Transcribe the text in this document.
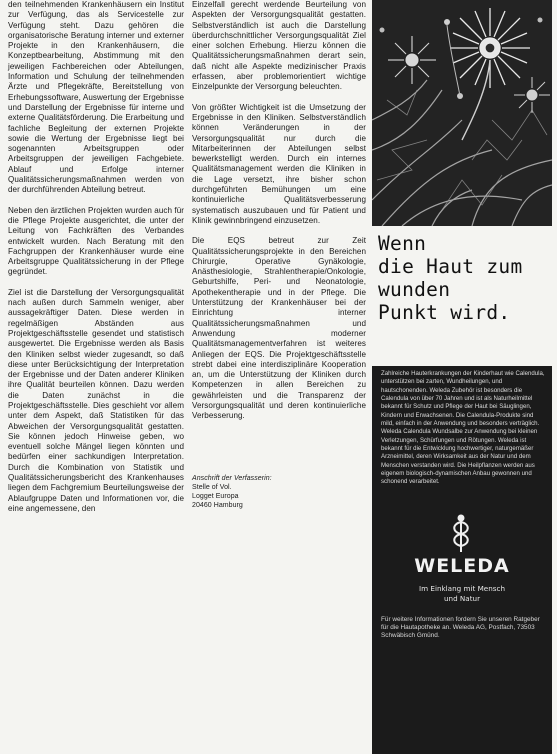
den teilnehmenden Krankenhäusern ein Institut zur Verfügung, das als Servicestelle zur Verfügung steht. Dazu gehören die organisatorische Beratung interner und externer Projekte in den Krankenhäusern, die Konzeptbearbeitung, Abstimmung mit den jeweiligen Fachbereichen oder Abteilungen, Information und Schulung der teilnehmenden Ärzte und Pflegekräfte, Bereitstellung von Erhebungssoftware, Auswertung der Ergebnisse und Darstellung der Ergebnisse für interne und externe Qualitätsförderung. Die Erarbeitung und fachliche Begleitung der externen Projekte sowie die Wertung der Ergebnisse liegt bei sogenannten Arbeitsgruppen oder Arbeitsgruppen der jeweiligen Fachgebiete. Ablauf und Erfolge interner Qualitätssicherungsmaßnahmen werden von der durchführenden Abteilung betreut.

Neben den ärztlichen Projekten wurden auch für die Pflege Projekte ausgerichtet, die unter der Leitung von Fachkräften des Verbandes entwickelt wurden. Nach Beratung mit den Fachgruppen der Krankenhäuser wurde eine Arbeitsgruppe Qualitätssicherung in der Pflege gegründet.

Ziel ist die Darstellung der Versorgungsqualität nach außen durch Sammeln weniger, aber aussagekräftiger Daten. Diese werden in regelmäßigen Abständen aus Projektgeschäftsstelle gesendet und statistisch ausgewertet. Die Ergebnisse werden als Basis den Kliniken selbst wieder zugesandt, so daß diese unter Berücksichtigung der Interpretation der Ergebnisse und der Daten anderer Kliniken ihre Qualität beurteilen können. Dazu werden die Daten zunächst in die Projektgeschäftsstelle. Dies geschieht vor allem unter dem Aspekt, daß Statistiken für das Abweichen der Versorgungsqualität gestatten. Sie können jedoch Hinweise geben, wo eventuell solche Mängel liegen könnten und bedürfen einer sachkundigen Interpretation. Durch die Kombination von Statistik und Qualitätssicherungsbericht des Krankenhauses liegen dem Fachgremium Beurteilungsweise der Ablaufgruppe Daten und Informationen vor, die eine angemessene, den

Einzelfall gerecht werdende Beurteilung von Aspekten der Versorgungsqualität gestatten. Selbstverständlich ist auch die Darstellung überdurchschnittlicher Versorgungsqualität Ziel einer solchen Erhebung. Hierzu können die Qualitätssicherungsmaßnahmen derart sein, daß nicht alle Aspekte medizinischer Praxis erfassen, aber problemorientiert wichtige Einzelpunkte der Versorgung beleuchten.

Von größter Wichtigkeit ist die Umsetzung der Ergebnisse in den Kliniken. Selbstverständlich können Veränderungen in der Versorgungsqualität nur durch die Mitarbeiterinnen der Abteilungen selbst bewerkstelligt werden. Durch ein internes Qualitätsmanagement werden die Kliniken in die Lage versetzt, ihre bisher schon durchgeführten Bemühungen um eine kontinuierliche Qualitätsverbesserung systematisch auszubauen und für Patient und Klinik gewinnbringend einzusetzen.

Die EQS betreut zur Zeit Qualitätssicherungsprojekte in den Bereichen Chirurgie, Operative Gynäkologie, Anästhesiologie, Strahlentherapie/Onkologie, Geburtshilfe, Peri- und Neonatologie, Apothekentherapie und in der Pflege. Die Unterstützung der Krankenhäuser bei der Einrichtung interner Qualitätssicherungsmaßnahmen und Anwendung moderner Qualitätsmanagementverfahren ist weiteres Anliegen der EQS. Die Projektgeschäftsstelle strebt dabei eine interdisziplinäre Kooperation an, um die Unterstützung der Kliniken durch Kompetenzen in allen Bereichen zu gewährleisten und die Transparenz der Versorgungsqualität und deren kontinuierliche Verbesserung.

Anschrift der Verfasserin:
Stelle of Vol.
Logget Europa
20460 Hamburg
Wenn
die Haut zum
wunden
Punkt wird.
Zahlreiche Hauterkrankungen der Kinderhaut wie Calendula, unterstützen bei zarten, Wundheilungen, und hautschonenden. Weleda Zubehör ist besonders die Calendula von über 70 Jahren und ist als Naturheilmittel bekannt für Schutz und Pflege der Haut bei Säuglingen, Kindern und Erwachsenen. Die Calendula-Produkte sind mild, einfach in der Anwendung und besonders verträglich. Weleda Calendula Wundsalbe zur Anwendung bei kleinen Verletzungen, Schürfungen und Rötungen. Weleda ist bekannt für die Entwicklung hochwertiger, naturgemäßer Arzneimittel, deren Wirksamkeit aus der Natur und dem Menschen verstanden wird. Die Heilpflanzen werden aus eigenem biologisch-dynamischen Anbau gewonnen und schonend verarbeitet.
WELEDA
Im Einklang mit Mensch
und Natur
Für weitere Informationen fordern Sie unseren Ratgeber für die Hautapotheke an. Weleda AG, Postfach, 73503 Schwäbisch Gmünd.
